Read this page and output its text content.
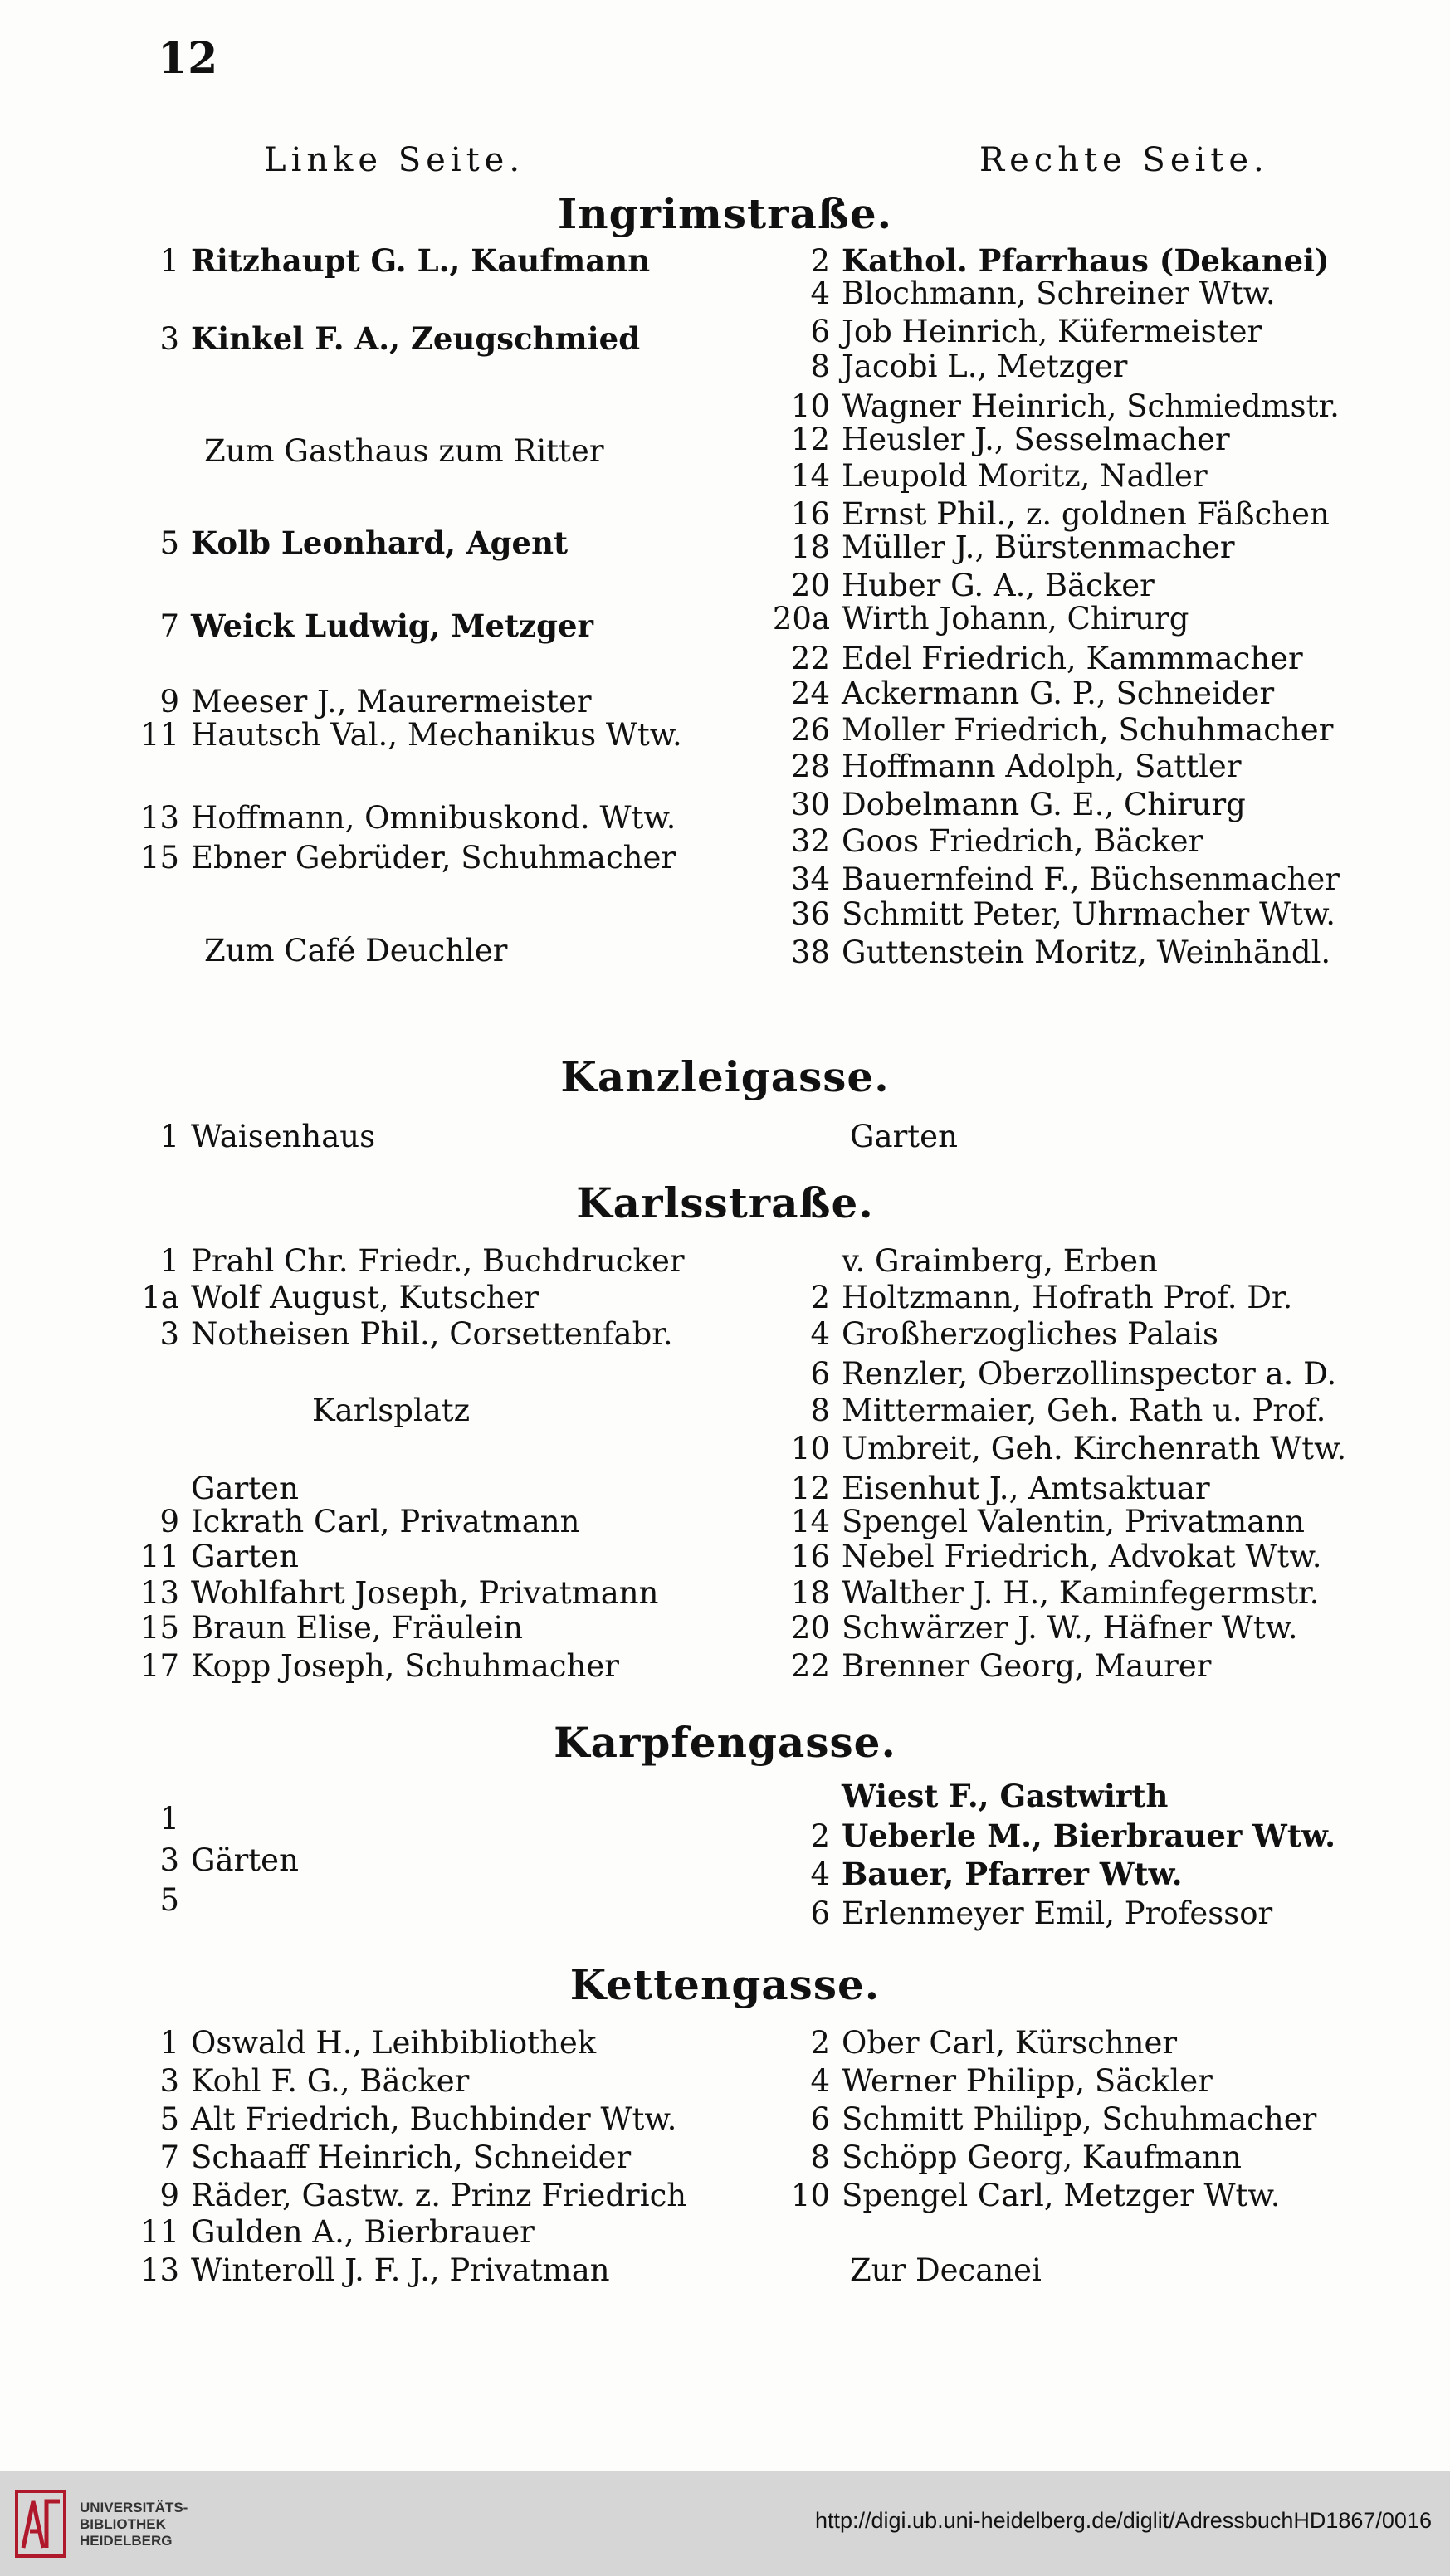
12
Linke Seite.	Rechte Seite.
Ingrimstraße.
1 Ritzhaupt G. L., Kaufmann
3 Kinkel F. A., Zeugschmied
Zum Gasthaus zum Ritter
5 Kolb Leonhard, Agent
7 Weick Ludwig, Metzger
9 Meeser J., Maurermeister
11 Hautsch Val., Mechanikus Wtw.
13 Hoffmann, Omnibuskond. Wtw.
15 Ebner Gebrüder, Schuhmacher
Zum Café Deuchler
2 Kathol. Pfarrhaus (Dekanei)
4 Blochmann, Schreiner Wtw.
6 Job Heinrich, Küfermeister
8 Jacobi L., Metzger
10 Wagner Heinrich, Schmiedmstr.
12 Heusler J., Sesselmacher
14 Leupold Moritz, Nadler
16 Ernst Phil., z. goldnen Fäßchen
18 Müller J., Bürstenmacher
20 Huber G. A., Bäcker
20a Wirth Johann, Chirurg
22 Edel Friedrich, Kammmacher
24 Ackermann G. P., Schneider
26 Moller Friedrich, Schuhmacher
28 Hoffmann Adolph, Sattler
30 Dobelmann G. E., Chirurg
32 Goos Friedrich, Bäcker
34 Bauernfeind F., Büchsenmacher
36 Schmitt Peter, Uhrmacher Wtw.
38 Guttenstein Moritz, Weinhändl.
Kanzleigasse.
1 Waisenhaus	Garten
Karlsstraße.
1 Prahl Chr. Friedr., Buchdrucker
1a Wolf August, Kutscher
3 Notheisen Phil., Corsettenfabr.
Karlsplatz
Garten
9 Ickrath Carl, Privatmann
11 Garten
13 Wohlfahrt Joseph, Privatmann
15 Braun Elise, Fräulein
17 Kopp Joseph, Schuhmacher
v. Graimberg, Erben
2 Holtzmann, Hofrath Prof. Dr.
4 Großherzogliches Palais
6 Renzler, Oberzollinspector a. D.
8 Mittermaier, Geh. Rath u. Prof.
10 Umbreit, Geh. Kirchenrath Wtw.
12 Eisenhut J., Amtsaktuar
14 Spengel Valentin, Privatmann
16 Nebel Friedrich, Advokat Wtw.
18 Walther J. H., Kaminfegermstr.
20 Schwärzer J. W., Häfner Wtw.
22 Brenner Georg, Maurer
Karpfengasse.
1
3 Gärten
5
Wiest F., Gastwirth
2 Ueberle M., Bierbrauer Wtw.
4 Bauer, Pfarrer Wtw.
6 Erlenmeyer Emil, Professor
Kettengasse.
1 Oswald H., Leihbibliothek
3 Kohl F. G., Bäcker
5 Alt Friedrich, Buchbinder Wtw.
7 Schaaff Heinrich, Schneider
9 Räder, Gastw. z. Prinz Friedrich
11 Gulden A., Bierbrauer
13 Winteroll J. F. J., Privatman
2 Ober Carl, Kürschner
4 Werner Philipp, Säckler
6 Schmitt Philipp, Schuhmacher
8 Schöpp Georg, Kaufmann
10 Spengel Carl, Metzger Wtw.
Zur Decanei
UNIVERSITÄTS-
BIBLIOTHEK
HEIDELBERG
http://digi.ub.uni-heidelberg.de/diglit/AdressbuchHD1867/0016
